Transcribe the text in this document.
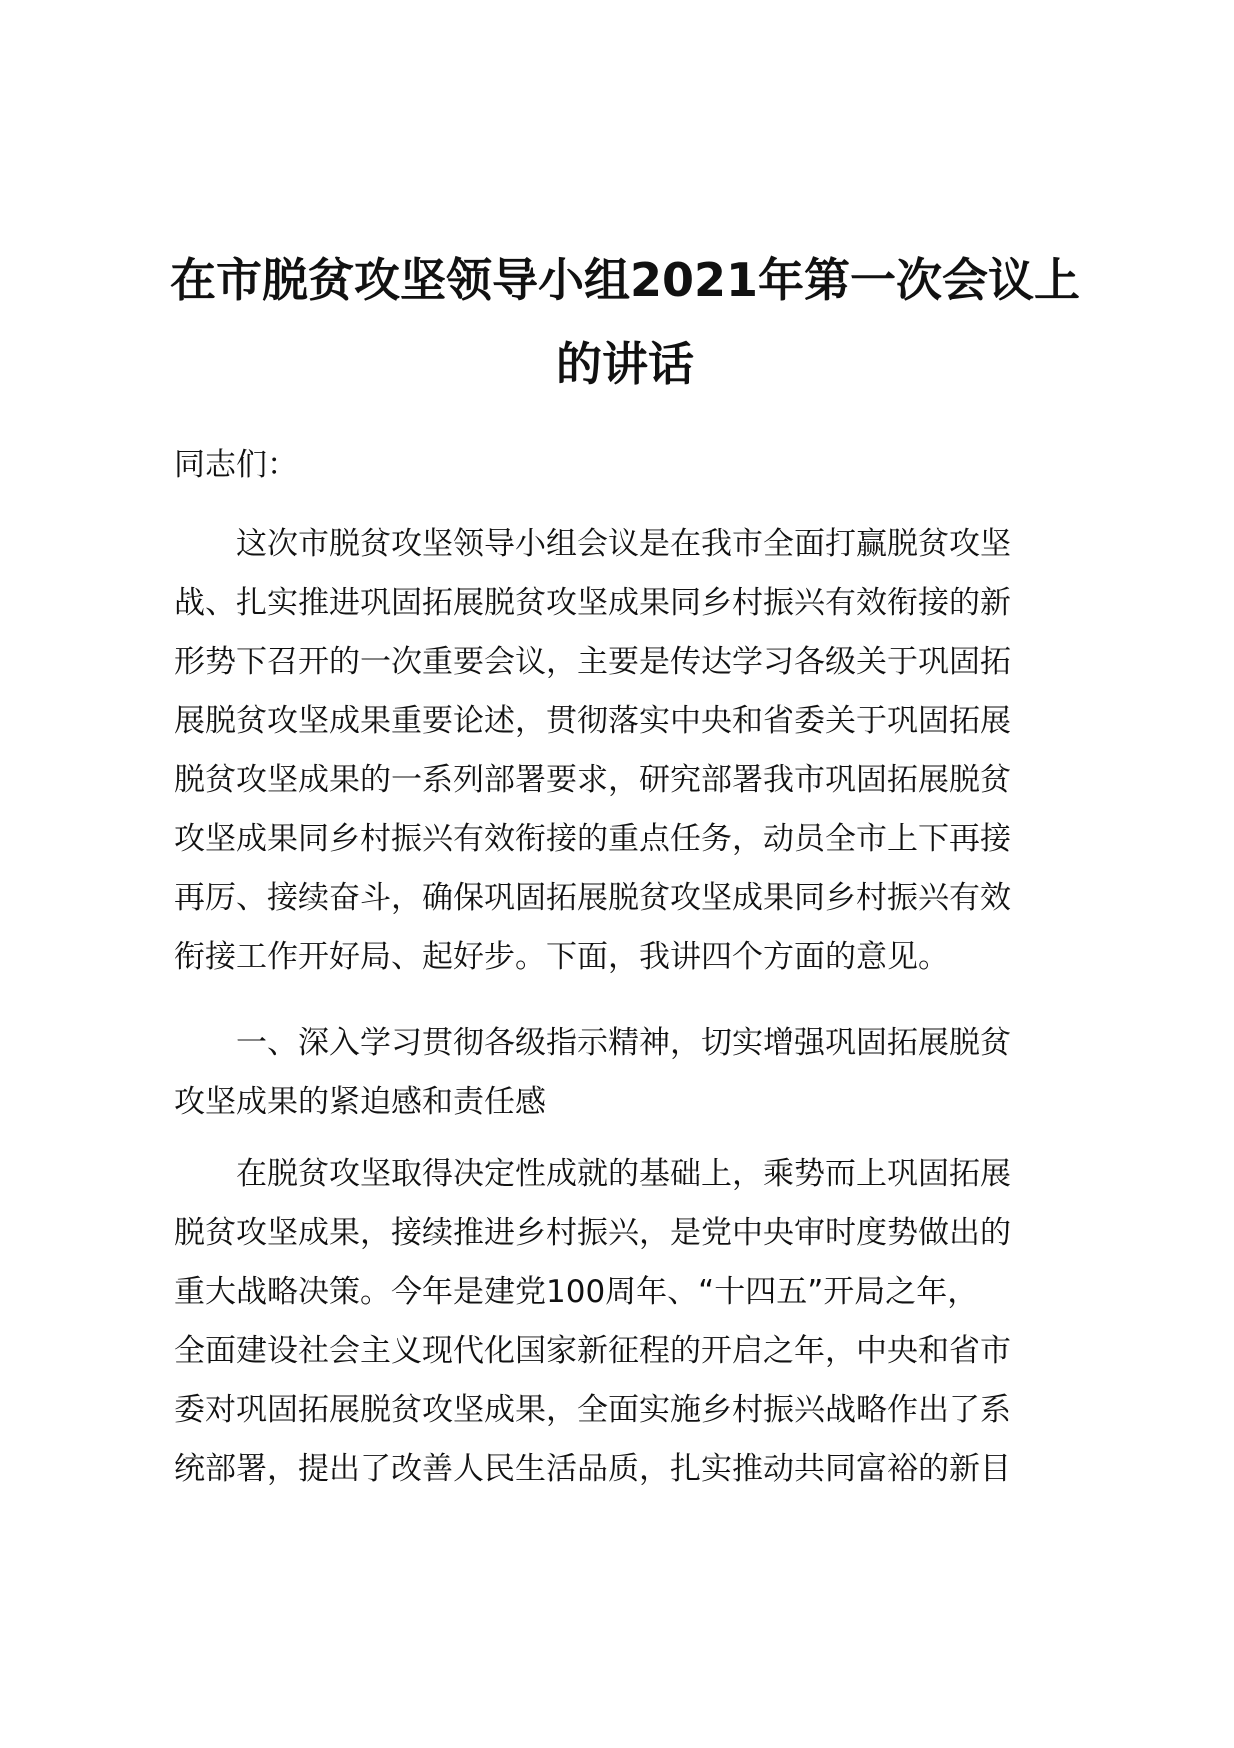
在市脱贫攻坚领导小组2021年第一次会议上
的讲话
同志们：
　　这次市脱贫攻坚领导小组会议是在我市全面打赢脱贫攻坚
战、扎实推进巩固拓展脱贫攻坚成果同乡村振兴有效衔接的新
形势下召开的一次重要会议，主要是传达学习各级关于巩固拓
展脱贫攻坚成果重要论述，贯彻落实中央和省委关于巩固拓展
脱贫攻坚成果的一系列部署要求，研究部署我市巩固拓展脱贫
攻坚成果同乡村振兴有效衔接的重点任务，动员全市上下再接
再厉、接续奋斗，确保巩固拓展脱贫攻坚成果同乡村振兴有效
衔接工作开好局、起好步。下面，我讲四个方面的意见。
　　一、深入学习贯彻各级指示精神，切实增强巩固拓展脱贫
攻坚成果的紧迫感和责任感
　　在脱贫攻坚取得决定性成就的基础上，乘势而上巩固拓展
脱贫攻坚成果，接续推进乡村振兴，是党中央审时度势做出的
重大战略决策。今年是建党100周年、“十四五”开局之年，
全面建设社会主义现代化国家新征程的开启之年，中央和省市
委对巩固拓展脱贫攻坚成果，全面实施乡村振兴战略作出了系
统部署，提出了改善人民生活品质，扎实推动共同富裕的新目
